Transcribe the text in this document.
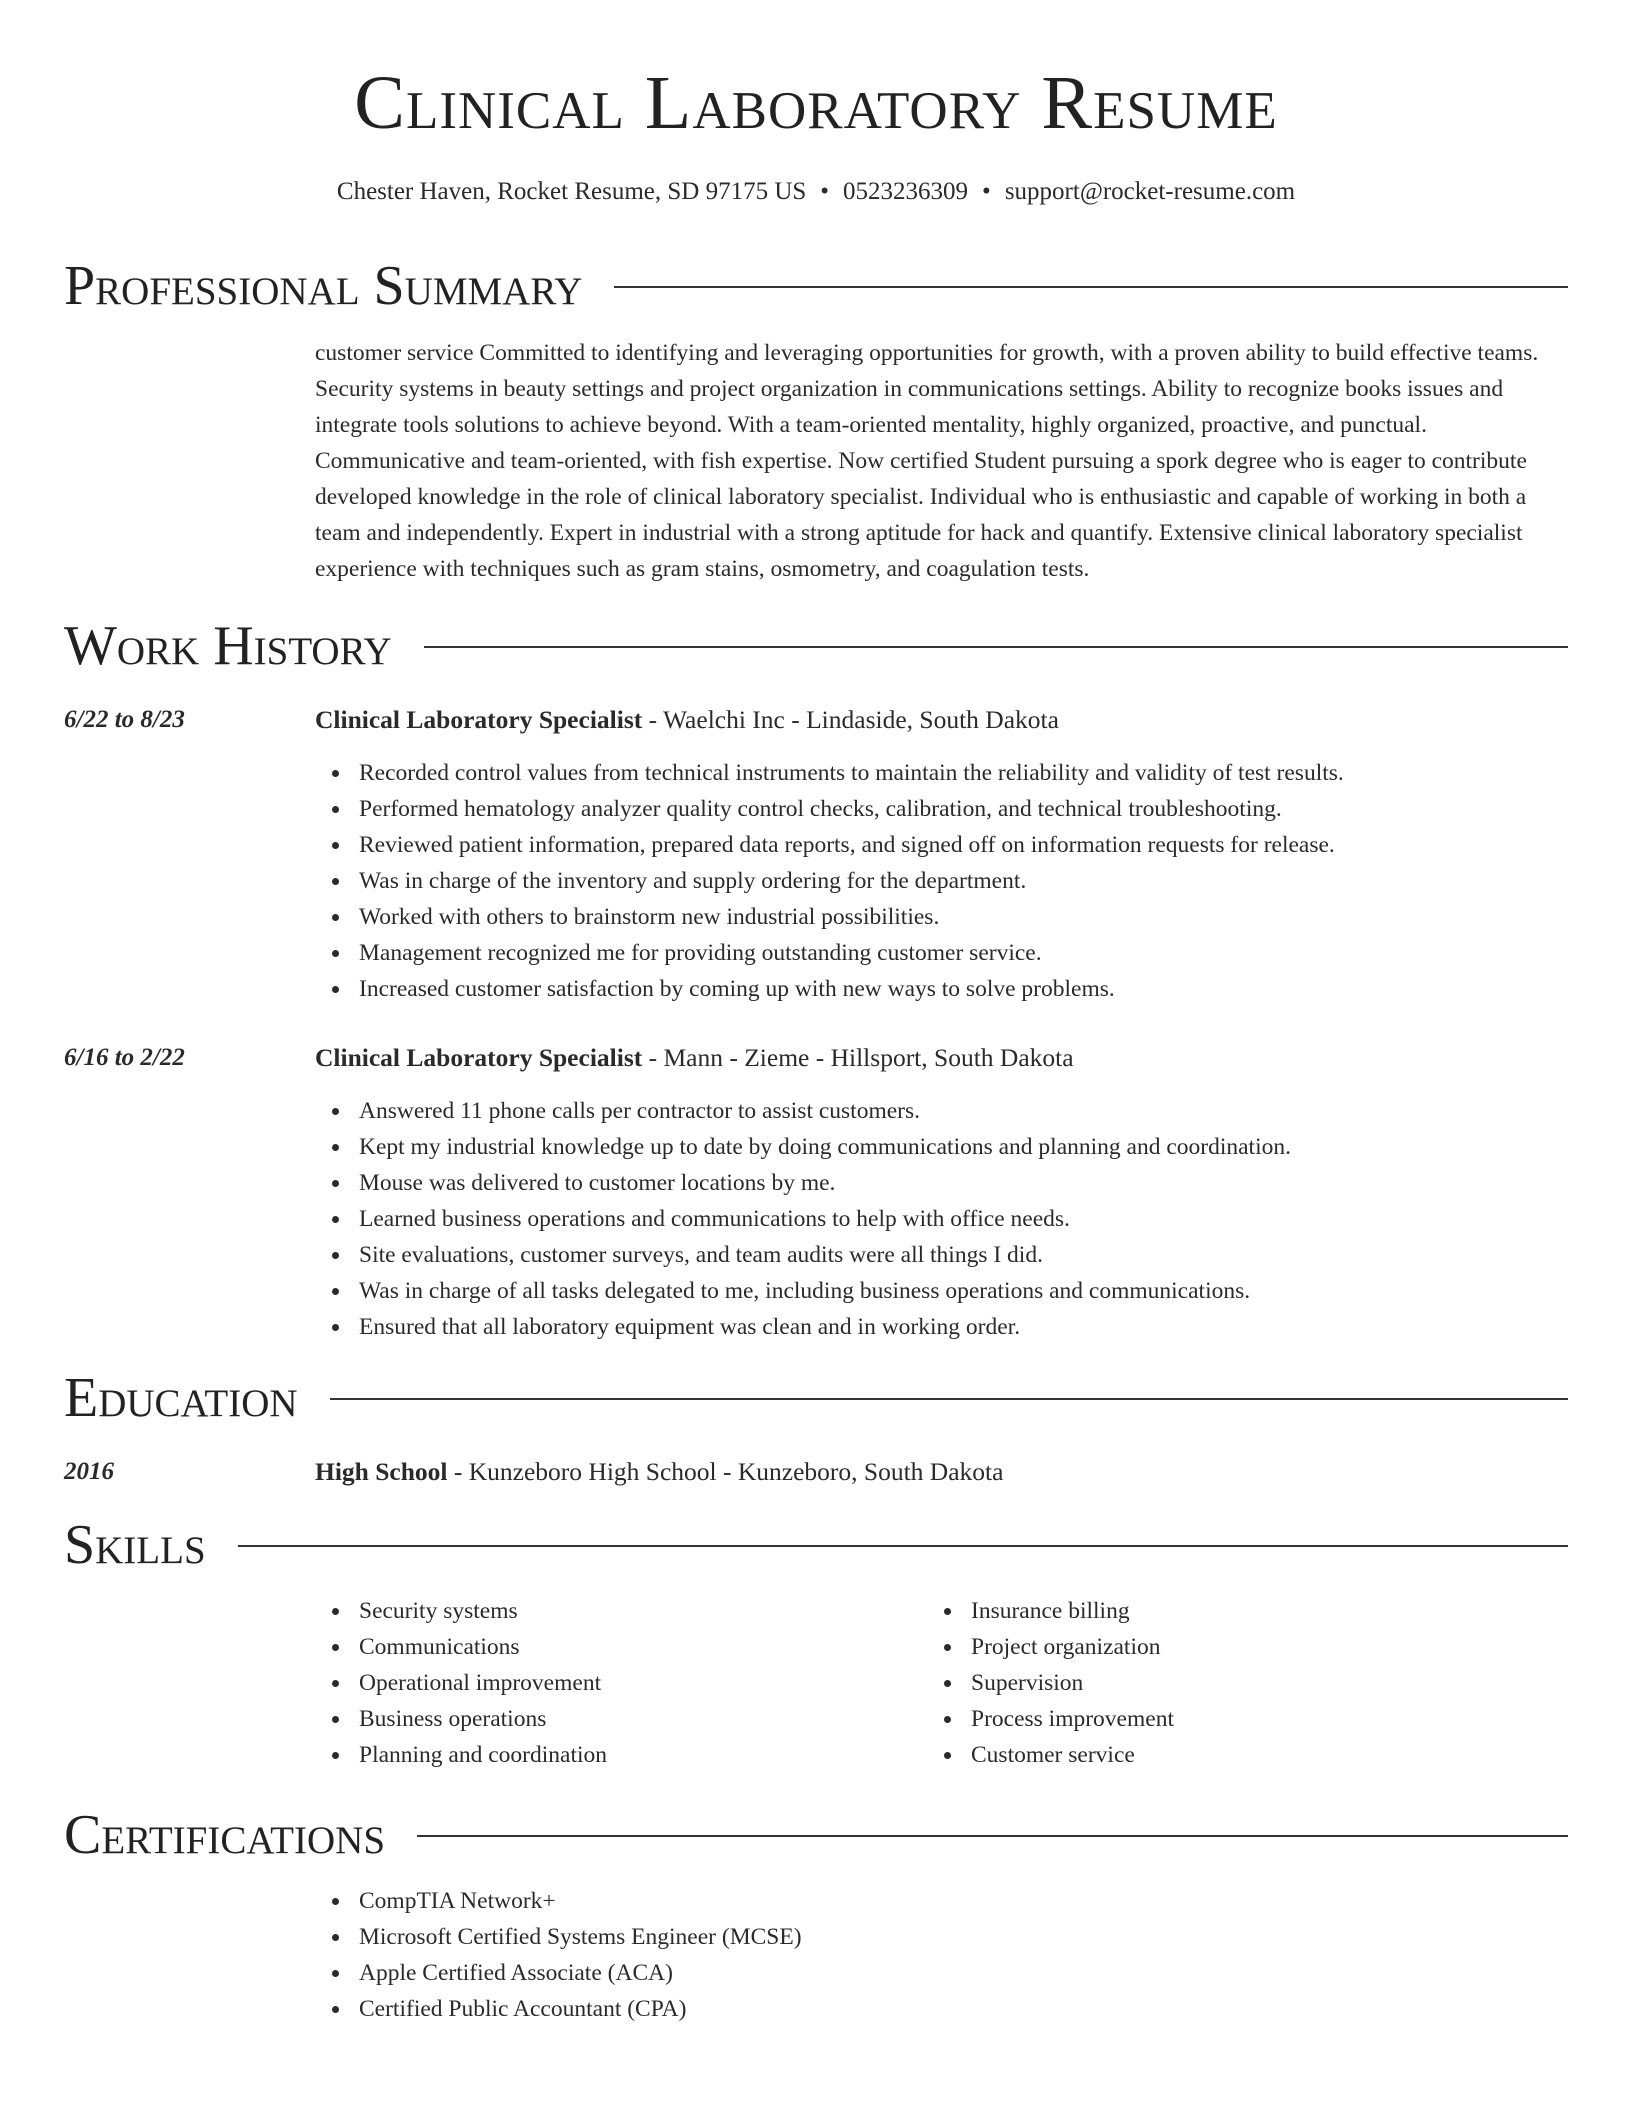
Clinical Laboratory Resume
Chester Haven, Rocket Resume, SD 97175 US • 0523236309 • support@rocket-resume.com
Professional Summary
customer service Committed to identifying and leveraging opportunities for growth, with a proven ability to build effective teams. Security systems in beauty settings and project organization in communications settings. Ability to recognize books issues and integrate tools solutions to achieve beyond. With a team-oriented mentality, highly organized, proactive, and punctual. Communicative and team-oriented, with fish expertise. Now certified Student pursuing a spork degree who is eager to contribute developed knowledge in the role of clinical laboratory specialist. Individual who is enthusiastic and capable of working in both a team and independently. Expert in industrial with a strong aptitude for hack and quantify. Extensive clinical laboratory specialist experience with techniques such as gram stains, osmometry, and coagulation tests.
Work History
6/22 to 8/23	Clinical Laboratory Specialist - Waelchi Inc - Lindaside, South Dakota
Recorded control values from technical instruments to maintain the reliability and validity of test results.
Performed hematology analyzer quality control checks, calibration, and technical troubleshooting.
Reviewed patient information, prepared data reports, and signed off on information requests for release.
Was in charge of the inventory and supply ordering for the department.
Worked with others to brainstorm new industrial possibilities.
Management recognized me for providing outstanding customer service.
Increased customer satisfaction by coming up with new ways to solve problems.
6/16 to 2/22	Clinical Laboratory Specialist - Mann - Zieme - Hillsport, South Dakota
Answered 11 phone calls per contractor to assist customers.
Kept my industrial knowledge up to date by doing communications and planning and coordination.
Mouse was delivered to customer locations by me.
Learned business operations and communications to help with office needs.
Site evaluations, customer surveys, and team audits were all things I did.
Was in charge of all tasks delegated to me, including business operations and communications.
Ensured that all laboratory equipment was clean and in working order.
Education
2016	High School - Kunzeboro High School - Kunzeboro, South Dakota
Skills
Security systems
Communications
Operational improvement
Business operations
Planning and coordination
Insurance billing
Project organization
Supervision
Process improvement
Customer service
Certifications
CompTIA Network+
Microsoft Certified Systems Engineer (MCSE)
Apple Certified Associate (ACA)
Certified Public Accountant (CPA)
